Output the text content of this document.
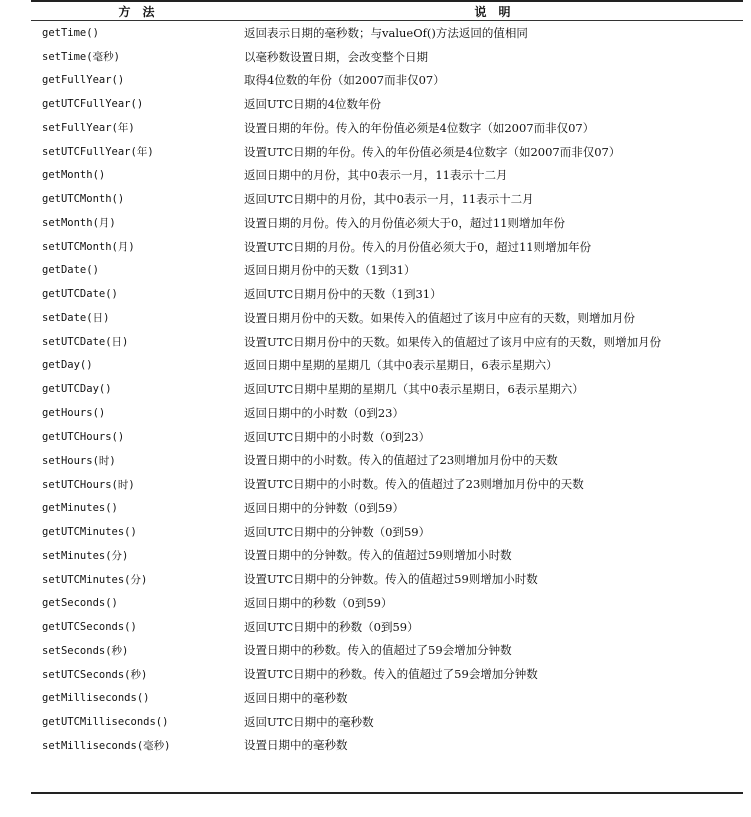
方　法	说　明
getTime()	返回表示日期的毫秒数；与valueOf()方法返回的值相同
setTime(毫秒)	以毫秒数设置日期，会改变整个日期
getFullYear()	取得4位数的年份（如2007而非仅07）
getUTCFullYear()	返回UTC日期的4位数年份
setFullYear(年)	设置日期的年份。传入的年份值必须是4位数字（如2007而非仅07）
setUTCFullYear(年)	设置UTC日期的年份。传入的年份值必须是4位数字（如2007而非仅07）
getMonth()	返回日期中的月份，其中0表示一月，11表示十二月
getUTCMonth()	返回UTC日期中的月份，其中0表示一月，11表示十二月
setMonth(月)	设置日期的月份。传入的月份值必须大于0，超过11则增加年份
setUTCMonth(月)	设置UTC日期的月份。传入的月份值必须大于0，超过11则增加年份
getDate()	返回日期月份中的天数（1到31）
getUTCDate()	返回UTC日期月份中的天数（1到31）
setDate(日)	设置日期月份中的天数。如果传入的值超过了该月中应有的天数，则增加月份
setUTCDate(日)	设置UTC日期月份中的天数。如果传入的值超过了该月中应有的天数，则增加月份
getDay()	返回日期中星期的星期几（其中0表示星期日，6表示星期六）
getUTCDay()	返回UTC日期中星期的星期几（其中0表示星期日，6表示星期六）
getHours()	返回日期中的小时数（0到23）
getUTCHours()	返回UTC日期中的小时数（0到23）
setHours(时)	设置日期中的小时数。传入的值超过了23则增加月份中的天数
setUTCHours(时)	设置UTC日期中的小时数。传入的值超过了23则增加月份中的天数
getMinutes()	返回日期中的分钟数（0到59）
getUTCMinutes()	返回UTC日期中的分钟数（0到59）
setMinutes(分)	设置日期中的分钟数。传入的值超过59则增加小时数
setUTCMinutes(分)	设置UTC日期中的分钟数。传入的值超过59则增加小时数
getSeconds()	返回日期中的秒数（0到59）
getUTCSeconds()	返回UTC日期中的秒数（0到59）
setSeconds(秒)	设置日期中的秒数。传入的值超过了59会增加分钟数
setUTCSeconds(秒)	设置UTC日期中的秒数。传入的值超过了59会增加分钟数
getMilliseconds()	返回日期中的毫秒数
getUTCMilliseconds()	返回UTC日期中的毫秒数
setMilliseconds(毫秒)	设置日期中的毫秒数
